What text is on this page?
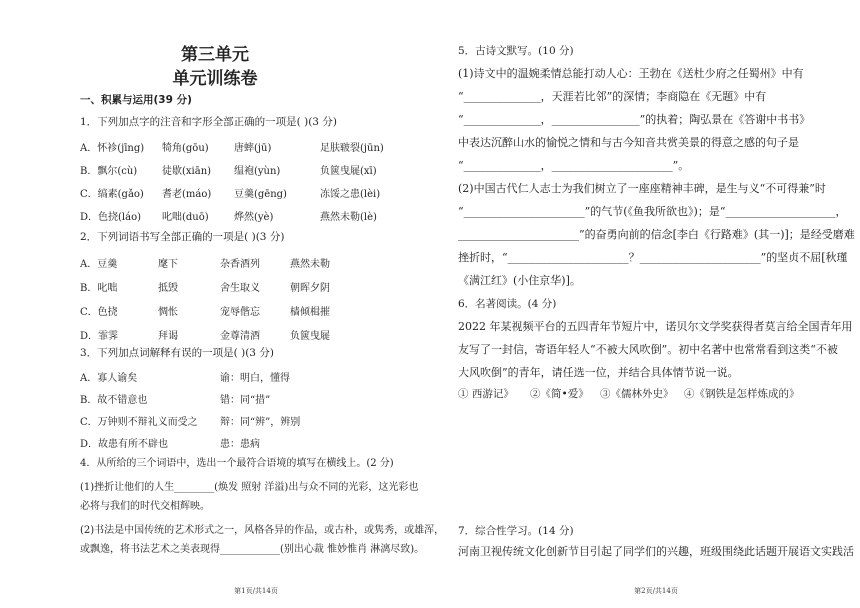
第三单元
单元训练卷
一、积累与运用(39 分)
1．下列加点字的注音和字形全部正确的一项是( )(3 分)
A．怀袗(jīng) 犄角(gōu)	唐蟀(jū)	足肤皲裂(jūn)
B．飘尔(cù) 徒歇(xiān) 缊袍(yùn)	负篋曳屣(xī)
C．缟素(gǎo) 耆老(máo) 豆羹(gēng)	冻馁之患(lèi)
D．色挠(láo) 叱咄(duō)	烨然(yè)	燕然未勒(lè)
2．下列词语书写全部正确的一项是( )(3 分)
A．豆羹	麾下	杂香酒列	燕然未勒
B．叱咄	抵毁	舍生取义	朝晖夕阴
C．色挠	惆怅	宠辱偕忘	樯倾楫摧
D．霏霁	拜谒	金尊清酒	负篋曳屣
3．下列加点词解释有误的一项是( )(3 分)
A．寡人谕矣	谕：明白，懂得
B．故不错意也	错：同“措”
C．万钟则不辩礼义而受之 辩：同“辨”，辨别
D．故患有所不辟也	患：患病
4．从所给的三个词语中，选出一个最符合语境的填写在横线上。(2 分)
(1)挫折让他们的人生________(焕发 照射 洋溢)出与众不同的光彩，这光彩也
必将与我们的时代交相辉映。
(2)书法是中国传统的艺术形式之一，风格各异的作品，或古朴，或隽秀，或雄浑，
或飘逸，将书法艺术之美表现得____________(别出心裁 惟妙惟肖 淋漓尽致)。
第1页/共14页
5．古诗文默写。(10 分)
(1)诗文中的温婉柔情总能打动人心：王勃在《送杜少府之任蜀州》中有
“______________，天涯若比邻”的深情；李商隐在《无题》中有
“______________，________________”的执着；陶弘景在《答谢中书书》
中表达沉醉山水的愉悦之情和与古今知音共赏美景的得意之感的句子是
“______________，______________________”。
(2)中国古代仁人志士为我们树立了一座座精神丰碑，是生与义“不可得兼”时
“______________________”的气节(《鱼我所欲也》)；是“____________________，
______________________”的奋勇向前的信念[李白《行路难》(其一)]；是经受磨难
挫折时，“______________________？______________________”的坚贞不屈[秋瑾
《满江红》(小住京华)]。
6．名著阅读。(4 分)
2022 年某视频平台的五四青年节短片中，诺贝尔文学奖获得者莫言给全国青年用
友写了一封信，寄语年轻人“不被大风吹倒”。初中名著中也常常看到这类“不被
大风吹倒”的青年，请任选一位，并结合具体情节说一说。
① 西游记》 ②《简•爱》 ③《儒林外史》 ④《钢铁是怎样炼成的》
7．综合性学习。(14 分)
河南卫视传统文化创新节目引起了同学们的兴趣，班级围绕此话题开展语文实践活
第2页/共14页
